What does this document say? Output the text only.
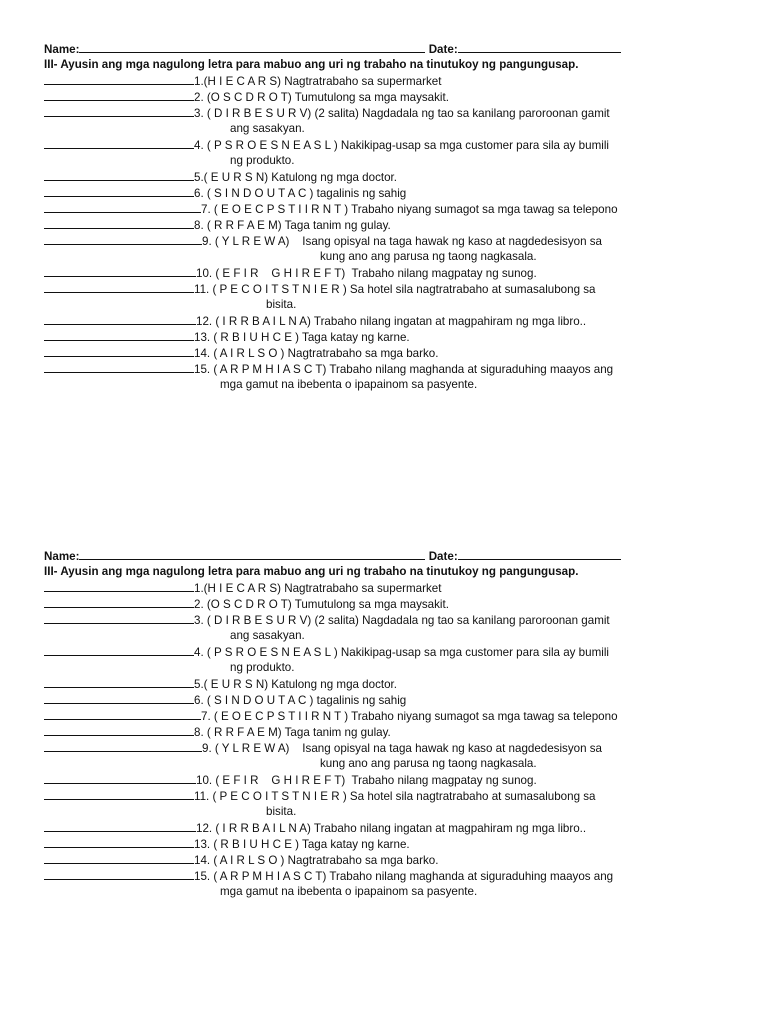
Name:	Date:
III- Ayusin ang mga nagulong letra para mabuo ang uri ng trabaho na tinutukoy ng pangungusap.
1.(H I E C A R S) Nagtratrabaho sa supermarket
2. (O S C D R O T) Tumutulong sa mga maysakit.
3. ( D I R B E S U R V) (2 salita) Nagdadala ng tao sa kanilang paroroonan gamit
ang sasakyan.
4. ( P S R O E S N E A S L ) Nakikipag-usap sa mga customer para sila ay bumili
ng produkto.
5.( E U R S N) Katulong ng mga doctor.
6. ( S I N D O U T A C ) tagalinis ng sahig
7. ( E O E C P S T I I R N T ) Trabaho niyang sumagot sa mga tawag sa telepono
8. ( R R F A E M) Taga tanim ng gulay.
9. ( Y L R E W A)    Isang opisyal na taga hawak ng kaso at nagdedesisyon sa
kung ano ang parusa ng taong nagkasala.
10. ( E F I R    G H I R E F T)  Trabaho nilang magpatay ng sunog.
11. ( P E C O I T S T N I E R ) Sa hotel sila nagtratrabaho at sumasalubong sa
bisita.
12. ( I R R B A I L N A) Trabaho nilang ingatan at magpahiram ng mga libro..
13. ( R B I U H C E ) Taga katay ng karne.
14. ( A I R L S O ) Nagtratrabaho sa mga barko.
15. ( A R P M H I A S C T) Trabaho nilang maghanda at siguraduhing maayos ang
mga gamut na ibebenta o ipapainom sa pasyente.
Name:	Date:
III- Ayusin ang mga nagulong letra para mabuo ang uri ng trabaho na tinutukoy ng pangungusap.
1.(H I E C A R S) Nagtratrabaho sa supermarket
2. (O S C D R O T) Tumutulong sa mga maysakit.
3. ( D I R B E S U R V) (2 salita) Nagdadala ng tao sa kanilang paroroonan gamit
ang sasakyan.
4. ( P S R O E S N E A S L ) Nakikipag-usap sa mga customer para sila ay bumili
ng produkto.
5.( E U R S N) Katulong ng mga doctor.
6. ( S I N D O U T A C ) tagalinis ng sahig
7. ( E O E C P S T I I R N T ) Trabaho niyang sumagot sa mga tawag sa telepono
8. ( R R F A E M) Taga tanim ng gulay.
9. ( Y L R E W A)    Isang opisyal na taga hawak ng kaso at nagdedesisyon sa
kung ano ang parusa ng taong nagkasala.
10. ( E F I R    G H I R E F T)  Trabaho nilang magpatay ng sunog.
11. ( P E C O I T S T N I E R ) Sa hotel sila nagtratrabaho at sumasalubong sa
bisita.
12. ( I R R B A I L N A) Trabaho nilang ingatan at magpahiram ng mga libro..
13. ( R B I U H C E ) Taga katay ng karne.
14. ( A I R L S O ) Nagtratrabaho sa mga barko.
15. ( A R P M H I A S C T) Trabaho nilang maghanda at siguraduhing maayos ang
mga gamut na ibebenta o ipapainom sa pasyente.
